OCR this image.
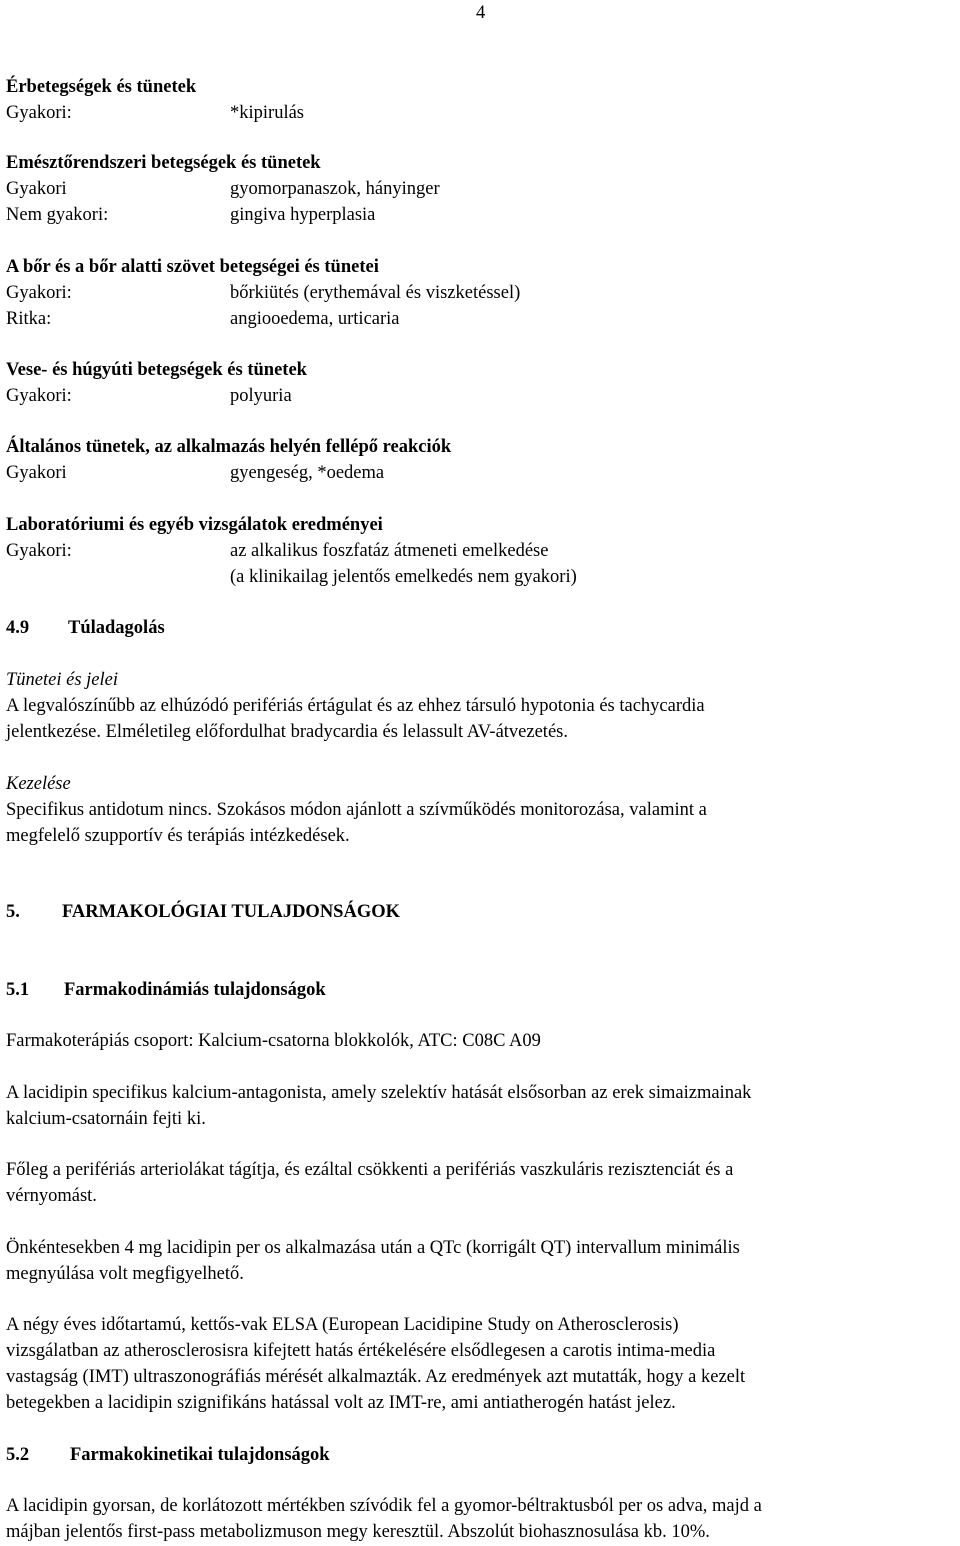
4
Érbetegségek és tünetek
Gyakori:	*kipirulás
Emésztőrendszeri betegségek és tünetek
Gyakori	gyomorpanaszok, hányinger
Nem gyakori:	gingiva hyperplasia
A bőr és a bőr alatti szövet betegségei és tünetei
Gyakori:	bőrkiütés (erythemával és viszketéssel)
Ritka:	angiooedema, urticaria
Vese- és húgyúti betegségek és tünetek
Gyakori:	polyuria
Általános tünetek, az alkalmazás helyén fellépő reakciók
Gyakori	gyengeség, *oedema
Laboratóriumi és egyéb vizsgálatok eredményei
Gyakori:	az alkalikus foszfatáz átmeneti emelkedése
(a klinikailag jelentős emelkedés nem gyakori)
4.9 Túladagolás
Tünetei és jelei
A legvalószínűbb az elhúzódó perifériás értágulat és az ehhez társuló hypotonia és tachycardia
jelentkezése. Elméletileg előfordulhat bradycardia és lelassult AV-átvezetés.
Kezelése
Specifikus antidotum nincs. Szokásos módon ajánlott a szívműködés monitorozása, valamint a
megfelelő szupportív és terápiás intézkedések.
5. FARMAKOLÓGIAI TULAJDONSÁGOK
5.1 Farmakodinámiás tulajdonságok
Farmakoterápiás csoport: Kalcium-csatorna blokkolók, ATC: C08C A09
A lacidipin specifikus kalcium-antagonista, amely szelektív hatását elsősorban az erek simaizmainak
kalcium-csatornáin fejti ki.
Főleg a perifériás arteriolákat tágítja, és ezáltal csökkenti a perifériás vaszkuláris rezisztenciát és a
vérnyomást.
Önkéntesekben 4 mg lacidipin per os alkalmazása után a QTc (korrigált QT) intervallum minimális
megnyúlása volt megfigyelhető.
A négy éves időtartamú, kettős-vak ELSA (European Lacidipine Study on Atherosclerosis)
vizsgálatban az atherosclerosisra kifejtett hatás értékelésére elsődlegesen a carotis intima-media
vastagság (IMT) ultraszonográfiás mérését alkalmazták. Az eredmények azt mutatták, hogy a kezelt
betegekben a lacidipin szignifikáns hatással volt az IMT-re, ami antiatherogén hatást jelez.
5.2 Farmakokinetikai tulajdonságok
A lacidipin gyorsan, de korlátozott mértékben szívódik fel a gyomor-béltraktusból per os adva, majd a
májban jelentős first-pass metabolizmuson megy keresztül. Abszolút biohasznosulása kb. 10%.
